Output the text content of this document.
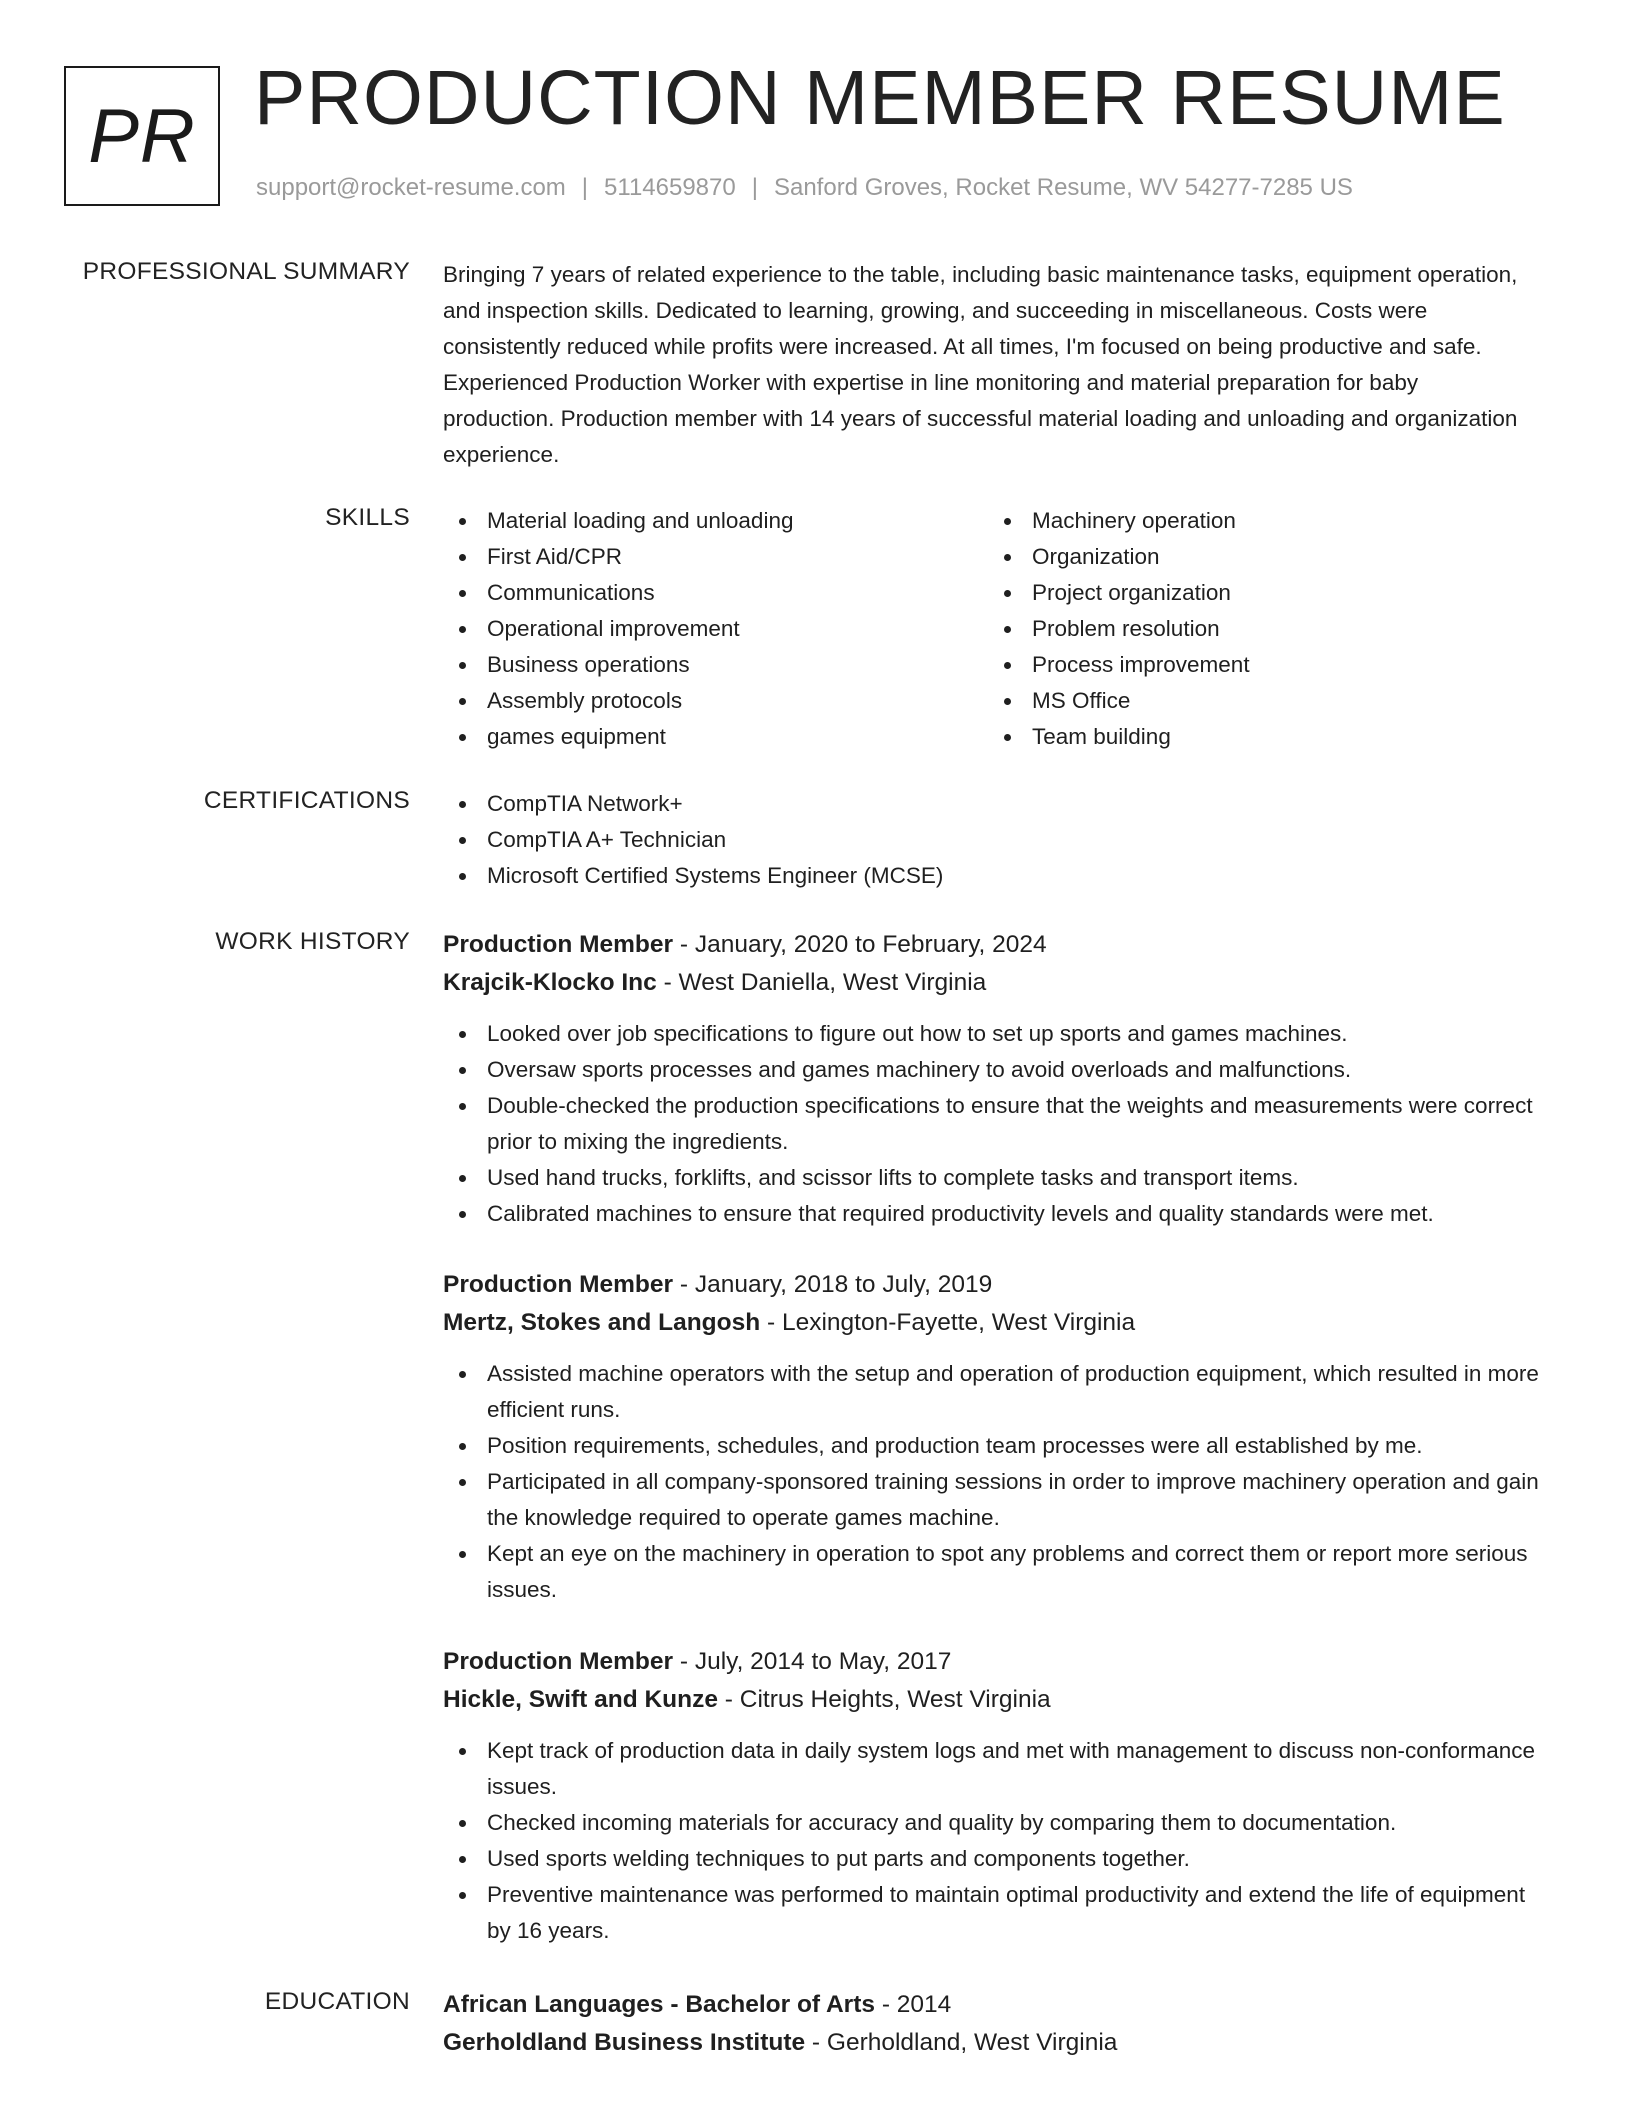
PR PRODUCTION MEMBER RESUME
support@rocket-resume.com | 5114659870 | Sanford Groves, Rocket Resume, WV 54277-7285 US
PROFESSIONAL SUMMARY Bringing 7 years of related experience to the table, including basic maintenance tasks, equipment operation, and inspection skills. Dedicated to learning, growing, and succeeding in miscellaneous. Costs were consistently reduced while profits were increased. At all times, I'm focused on being productive and safe. Experienced Production Worker with expertise in line monitoring and material preparation for baby production. Production member with 14 years of successful material loading and unloading and organization experience.

SKILLS	Material loading and unloading
First Aid/CPR
Communications
Operational improvement
Business operations
Assembly protocols
games equipment
Machinery operation
Organization
Project organization
Problem resolution
Process improvement
MS Office
Team building
CERTIFICATIONS	CompTIA Network+
CompTIA A+ Technician
Microsoft Certified Systems Engineer (MCSE)
WORK HISTORY Production Member - January, 2020 to February, 2024
Krajcik-Klocko Inc - West Daniella, West Virginia
Looked over job specifications to figure out how to set up sports and games machines.
Oversaw sports processes and games machinery to avoid overloads and malfunctions.
Double-checked the production specifications to ensure that the weights and measurements were correct prior to mixing the ingredients.
Used hand trucks, forklifts, and scissor lifts to complete tasks and transport items.
Calibrated machines to ensure that required productivity levels and quality standards were met.
Production Member - January, 2018 to July, 2019
Mertz, Stokes and Langosh - Lexington-Fayette, West Virginia
Assisted machine operators with the setup and operation of production equipment, which resulted in more efficient runs.
Position requirements, schedules, and production team processes were all established by me.
Participated in all company-sponsored training sessions in order to improve machinery operation and gain the knowledge required to operate games machine.
Kept an eye on the machinery in operation to spot any problems and correct them or report more serious issues.
Production Member - July, 2014 to May, 2017
Hickle, Swift and Kunze - Citrus Heights, West Virginia
Kept track of production data in daily system logs and met with management to discuss non-conformance issues.
Checked incoming materials for accuracy and quality by comparing them to documentation.
Used sports welding techniques to put parts and components together.
Preventive maintenance was performed to maintain optimal productivity and extend the life of equipment by 16 years.
EDUCATION African Languages - Bachelor of Arts - 2014
Gerholdland Business Institute - Gerholdland, West Virginia
